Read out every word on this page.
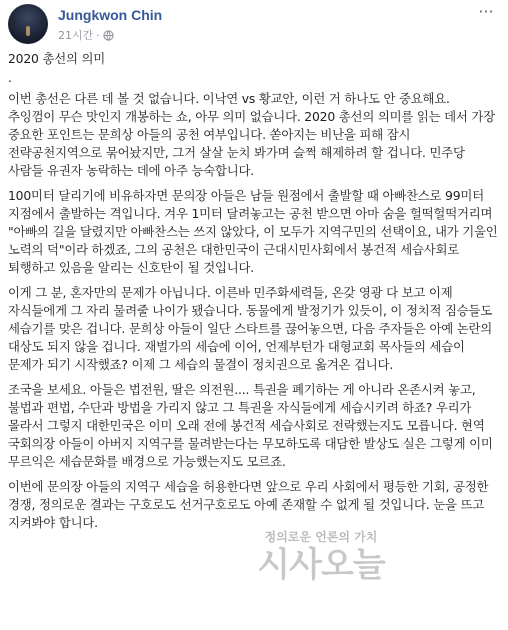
Jungkwon Chin
21시간 ·
···

2020 총선의 의미

.

이번 총선은 다른 데 볼 것 없습니다. 이낙연 vs 황교안, 이런 거 하나도 안 중요해요. 추잉껌이 무슨 맛인지 개봉하는 쇼, 아무 의미 없습니다. 2020 총선의 의미를 읽는 데서 가장 중요한 포인트는 문희상 아들의 공천 여부입니다. 쏟아지는 비난을 피해 잠시 전략공천지역으로 묶어놨지만, 그거 살살 눈치 봐가며 슬쩍 해제하려 할 겁니다. 민주당 사람들 유권자 농락하는 데에 아주 능숙합니다.

100미터 달리기에 비유하자면 문의장 아들은 남들 원점에서 출발할 때 아빠찬스로 99미터 지점에서 출발하는 격입니다. 겨우 1미터 달려놓고는 공천 받으면 아마 숨을 헐떡헐떡거리며 "아빠의 길을 달렸지만 아빠찬스는 쓰지 않았다, 이 모두가 지역구민의 선택이요, 내가 기울인 노력의 덕"이라 하겠죠, 그의 공천은 대한민국이 근대시민사회에서 봉건적 세습사회로 퇴행하고 있음을 알리는 신호탄이 될 것입니다.

이게 그 분, 혼자만의 문제가 아닙니다. 이른바 민주화세력들, 온갖 영광 다 보고 이제 자식들에게 그 자리 물려줄 나이가 됐습니다. 동물에게 발정기가 있듯이, 이 정치적 짐승들도 세습기를 맞은 겁니다. 문희상 아들이 일단 스타트를 끊어놓으면, 다음 주자들은 아예 논란의 대상도 되지 않을 겁니다. 재벌가의 세습에 이어, 언제부턴가 대형교회 목사들의 세습이 문제가 되기 시작했죠? 이제 그 세습의 물결이 정치권으로 옮겨온 겁니다.

조국을 보세요. 아들은 법전원, 딸은 의전원.... 특권을 폐기하는 게 아니라 온존시켜 놓고, 불법과 편법, 수단과 방법을 가리지 않고 그 특권을 자식들에게 세습시키려 하죠? 우리가 몰라서 그렇지 대한민국은 이미 오래 전에 봉건적 세습사회로 전락했는지도 모릅니다. 현역 국회의장 아들이 아버지 지역구를 물려받는다는 무모하도록 대담한 발상도 실은 그렇게 이미 무르익은 세습문화를 배경으로 가능했는지도 모르죠.

이번에 문의장 아들의 지역구 세습을 허용한다면 앞으로 우리 사회에서 평등한 기회, 공정한 경쟁, 정의로운 결과는 구호로도 선거구호로도 아예 존재할 수 없게 될 것입니다. 눈을 뜨고 지켜봐야 합니다.

정의로운 언론의 가치
시사오늘
